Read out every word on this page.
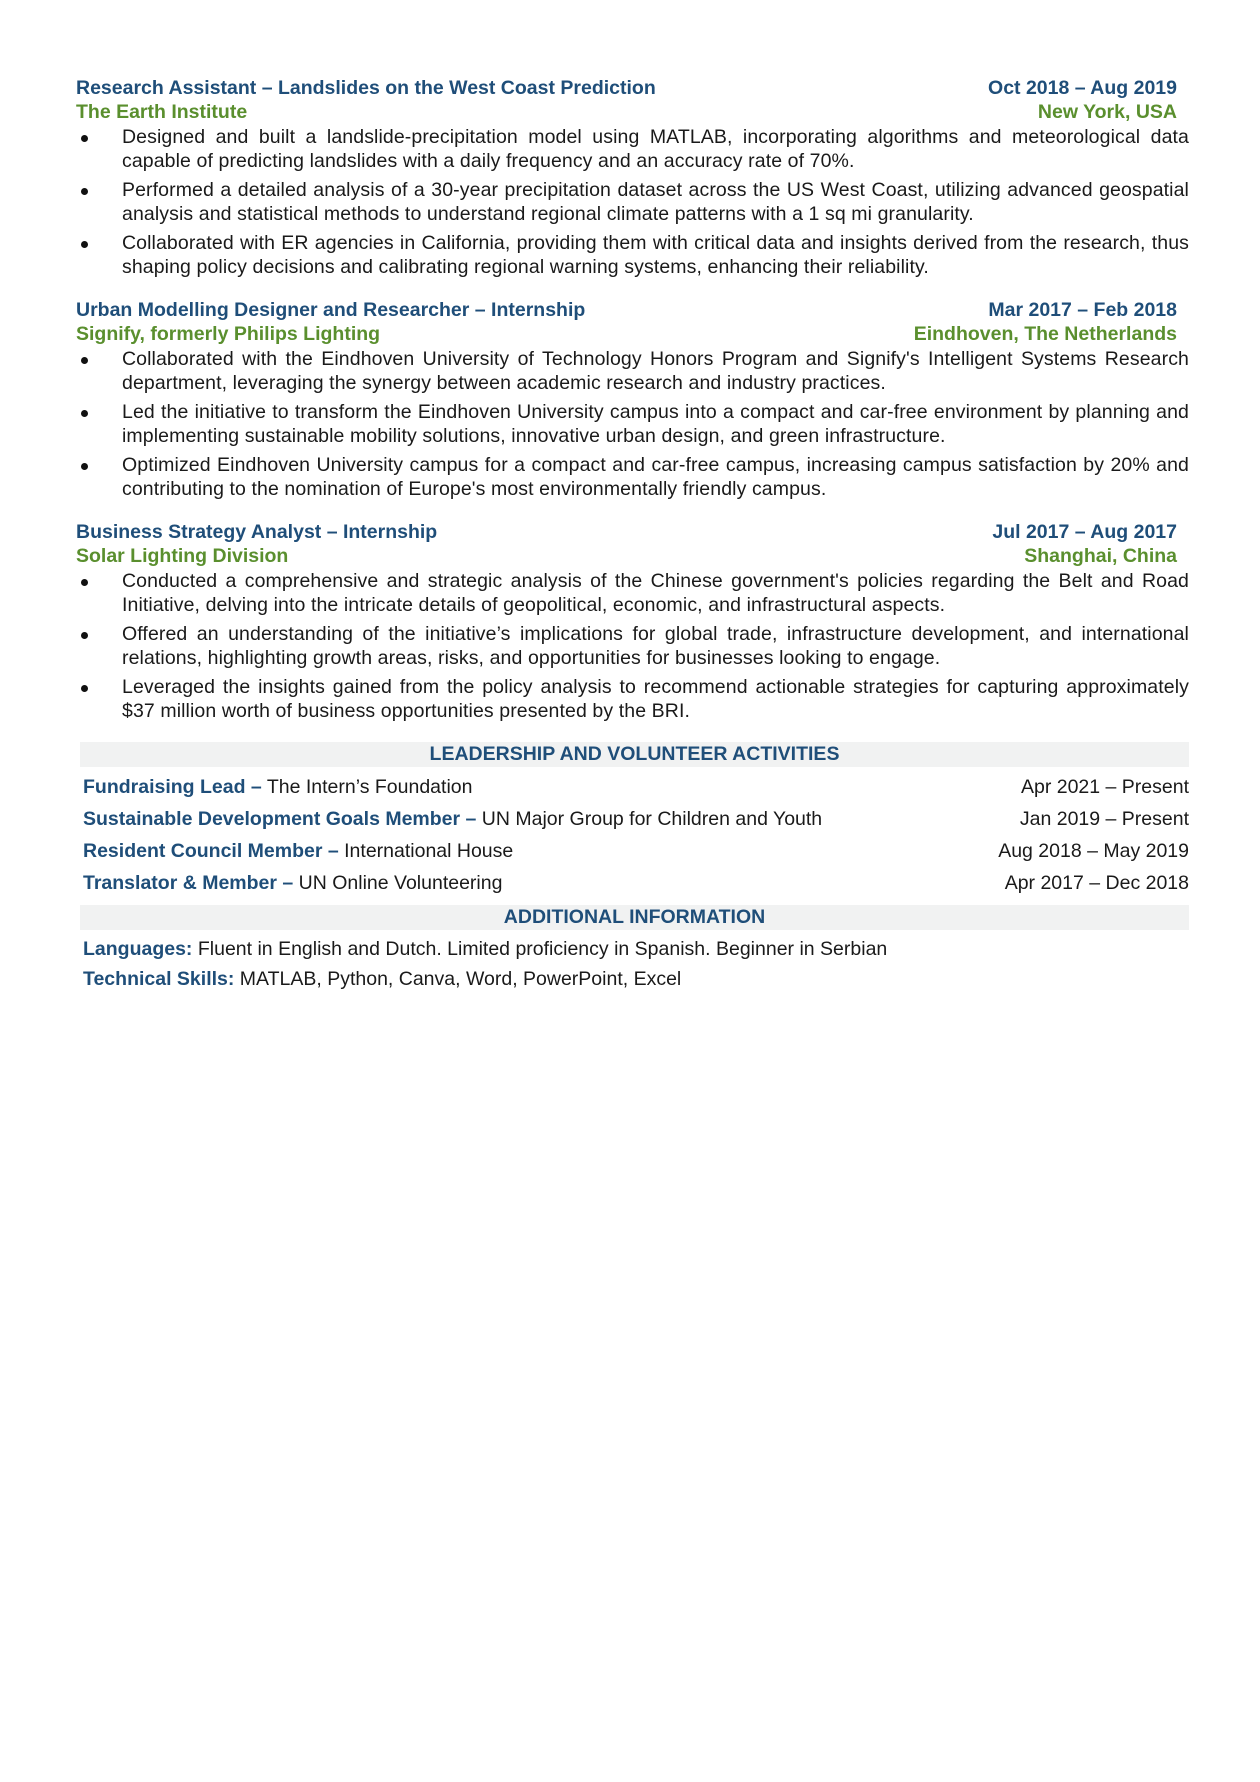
Research Assistant – Landslides on the West Coast Prediction	Oct 2018 – Aug 2019
The Earth Institute	New York, USA
Designed and built a landslide-precipitation model using MATLAB, incorporating algorithms and meteorological data capable of predicting landslides with a daily frequency and an accuracy rate of 70%.
Performed a detailed analysis of a 30-year precipitation dataset across the US West Coast, utilizing advanced geospatial analysis and statistical methods to understand regional climate patterns with a 1 sq mi granularity.
Collaborated with ER agencies in California, providing them with critical data and insights derived from the research, thus shaping policy decisions and calibrating regional warning systems, enhancing their reliability.
Urban Modelling Designer and Researcher – Internship	Mar 2017 – Feb 2018
Signify, formerly Philips Lighting	Eindhoven, The Netherlands
Collaborated with the Eindhoven University of Technology Honors Program and Signify's Intelligent Systems Research department, leveraging the synergy between academic research and industry practices.
Led the initiative to transform the Eindhoven University campus into a compact and car-free environment by planning and implementing sustainable mobility solutions, innovative urban design, and green infrastructure.
Optimized Eindhoven University campus for a compact and car-free campus, increasing campus satisfaction by 20% and contributing to the nomination of Europe's most environmentally friendly campus.
Business Strategy Analyst – Internship	Jul 2017 – Aug 2017
Solar Lighting Division	Shanghai, China
Conducted a comprehensive and strategic analysis of the Chinese government's policies regarding the Belt and Road Initiative, delving into the intricate details of geopolitical, economic, and infrastructural aspects.
Offered an understanding of the initiative’s implications for global trade, infrastructure development, and international relations, highlighting growth areas, risks, and opportunities for businesses looking to engage.
Leveraged the insights gained from the policy analysis to recommend actionable strategies for capturing approximately $37 million worth of business opportunities presented by the BRI.
LEADERSHIP AND VOLUNTEER ACTIVITIES
Fundraising Lead – The Intern’s Foundation	Apr 2021 – Present
Sustainable Development Goals Member – UN Major Group for Children and Youth	Jan 2019 – Present
Resident Council Member – International House	Aug 2018 – May 2019
Translator & Member – UN Online Volunteering	Apr 2017 – Dec 2018
ADDITIONAL INFORMATION
Languages: Fluent in English and Dutch. Limited proficiency in Spanish. Beginner in Serbian
Technical Skills: MATLAB, Python, Canva, Word, PowerPoint, Excel
